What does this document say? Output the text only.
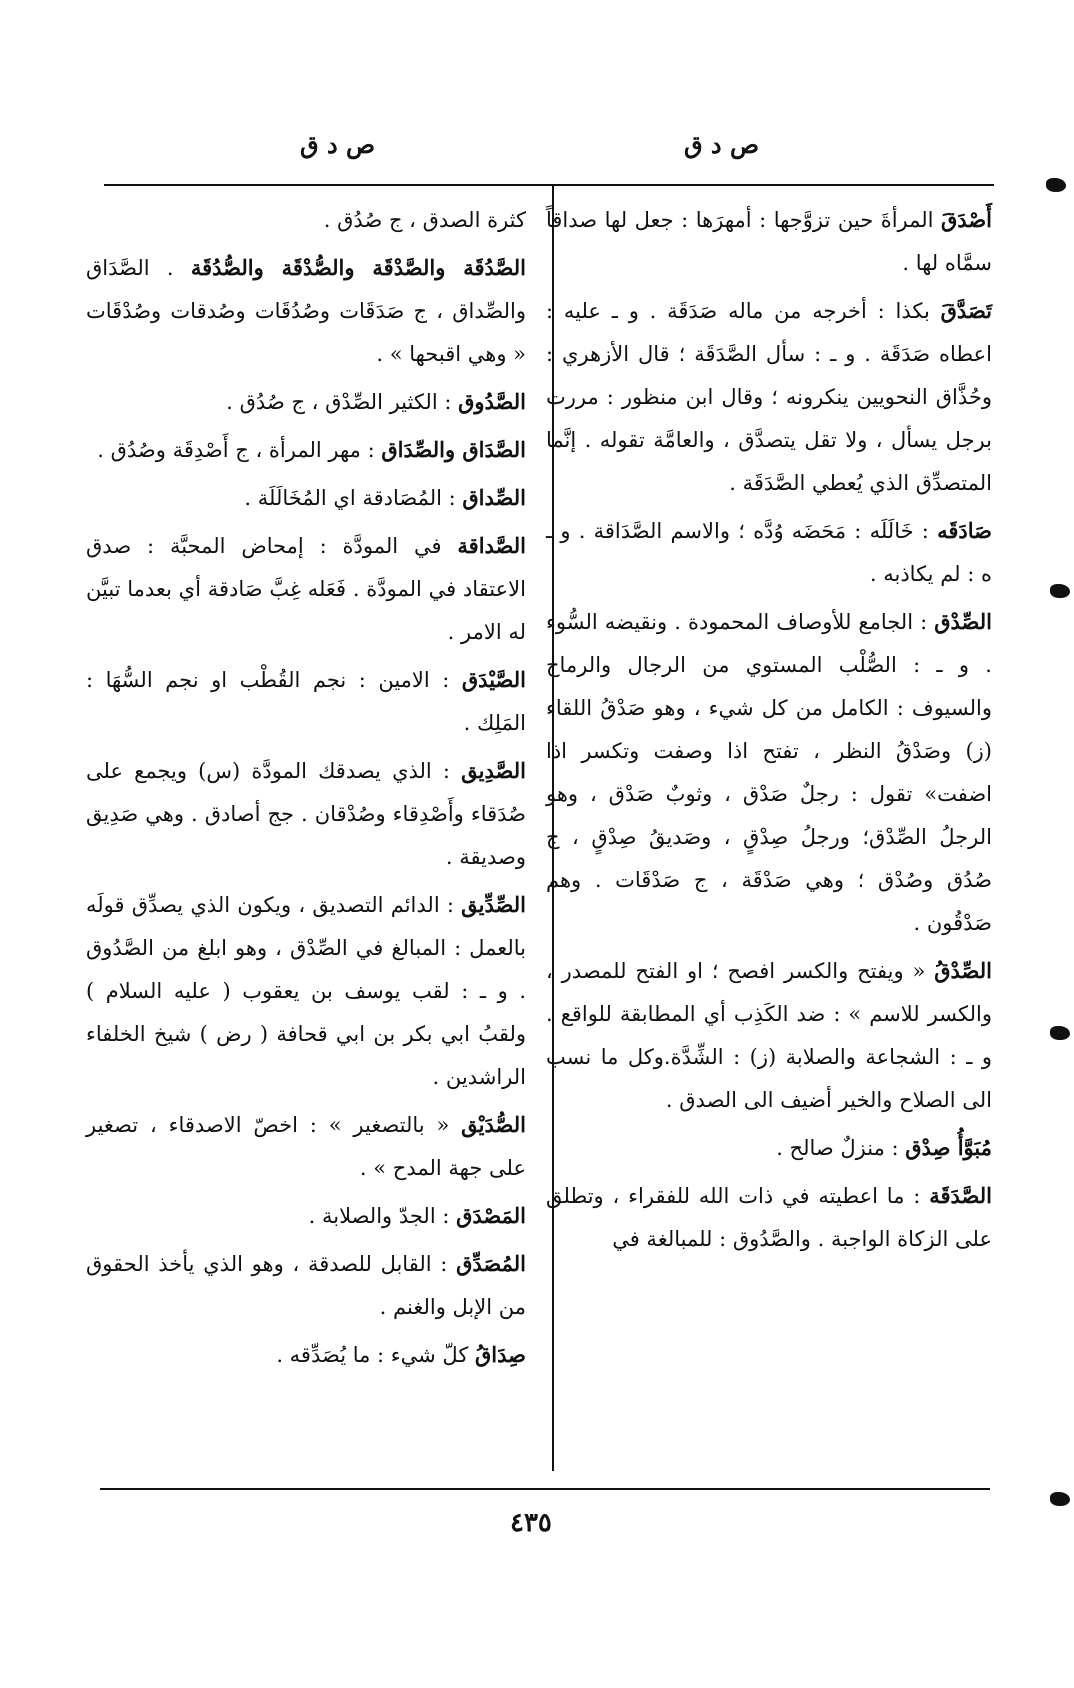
ص د ق
ص د ق

أَصْدَقَ المرأةَ حين تزوَّجها : أمهرَها : جعل لها صداقاً سمَّاه لها .

تَصَدَّقَ بكذا : أخرجه من ماله صَدَقَة . و ـ عليه : اعطاه صَدَقَة . و ـ : سأل الصَّدَقَة ؛ قال الأزهري : وحُذَّاق النحويين ينكرونه ؛ وقال ابن منظور : مررت برجل يسأل ، ولا تقل يتصدَّق ، والعامَّة تقوله . إنَّما المتصدِّق الذي يُعطي الصَّدَقَة .

صَادَقَه : خَالَلَه : مَحَضَه وُدَّه ؛ والاسم الصَّدَاقة . و ـ ه : لم يكاذبه .

الصِّدْق : الجامع للأوصاف المحمودة . ونقيضه السُّوء . و ـ : الصُّلْب المستوي من الرجال والرماح والسيوف : الكامل من كل شيء ، وهو صَدْقُ اللقاء (ز) وصَدْقُ النظر ، تفتح اذا وصفت وتكسر اذا اضفت» تقول : رجلٌ صَدْق ، وثوبٌ صَدْق ، وهو الرجلُ الصِّدْق؛ ورجلُ صِدْقٍ ، وصَديقُ صِدْقٍ ، ج صُدُق وصُدْق ؛ وهي صَدْقَة ، ج صَدْقَات . وهم صَدْقُون .

الصِّدْقُ « ويفتح والكسر افصح ؛ او الفتح للمصدر ، والكسر للاسم » : ضد الكَذِب أي المطابقة للواقع . و ـ : الشجاعة والصلابة (ز) : الشِّدَّة.وكل ما نسب الى الصلاح والخير أضيف الى الصدق .

مُبَوَّأُ صِدْق : منزلٌ صالح .

الصَّدَقَة : ما اعطيته في ذات الله للفقراء ، وتطلق على الزكاة الواجبة . والصَّدُوق : للمبالغة في

كثرة الصدق ، ج صُدُق .

الصَّدُقَة والصَّدْقَة والصُّدْقَة والصُّدُقَة . الصَّدَاق والصِّداق ، ج صَدَقَات وصُدُقَات وصُدقات وصُدْقَات « وهي اقبحها » .

الصَّدُوق : الكثير الصِّدْق ، ج صُدُق .

الصَّدَاق والصِّدَاق : مهر المرأة ، ج أَصْدِقَة وصُدُق .

الصِّداق : المُصَادقة اي المُخَالَلَة .

الصَّداقة في المودَّة : إمحاض المحبَّة : صدق الاعتقاد في المودَّة . فَعَله غِبَّ صَادقة أي بعدما تبيَّن له الامر .

الصَّيْدَق : الامين : نجم القُطْب او نجم السُّهَا : المَلِك .

الصَّدِيق : الذي يصدقك المودَّة (س) ويجمع على صُدَقاء وأَصْدِقاء وصُدْقان . جج أصادق . وهي صَدِيق وصديقة .

الصِّدِّيق : الدائم التصديق ، ويكون الذي يصدِّق قولَه بالعمل : المبالغ في الصِّدْق ، وهو ابلغ من الصَّدُوق . و ـ : لقب يوسف بن يعقوب ( عليه السلام ) ولقبُ ابي بكر بن ابي قحافة ( رض ) شيخ الخلفاء الراشدين .

الصُّدَيْق « بالتصغير » : اخصّ الاصدقاء ، تصغير على جهة المدح » .

المَصْدَق : الجدّ والصلابة .

المُصَدِّق : القابل للصدقة ، وهو الذي يأخذ الحقوق من الإبل والغنم .

صِدَاقُ كلّ شيء : ما يُصَدِّقه .

٤٣٥
